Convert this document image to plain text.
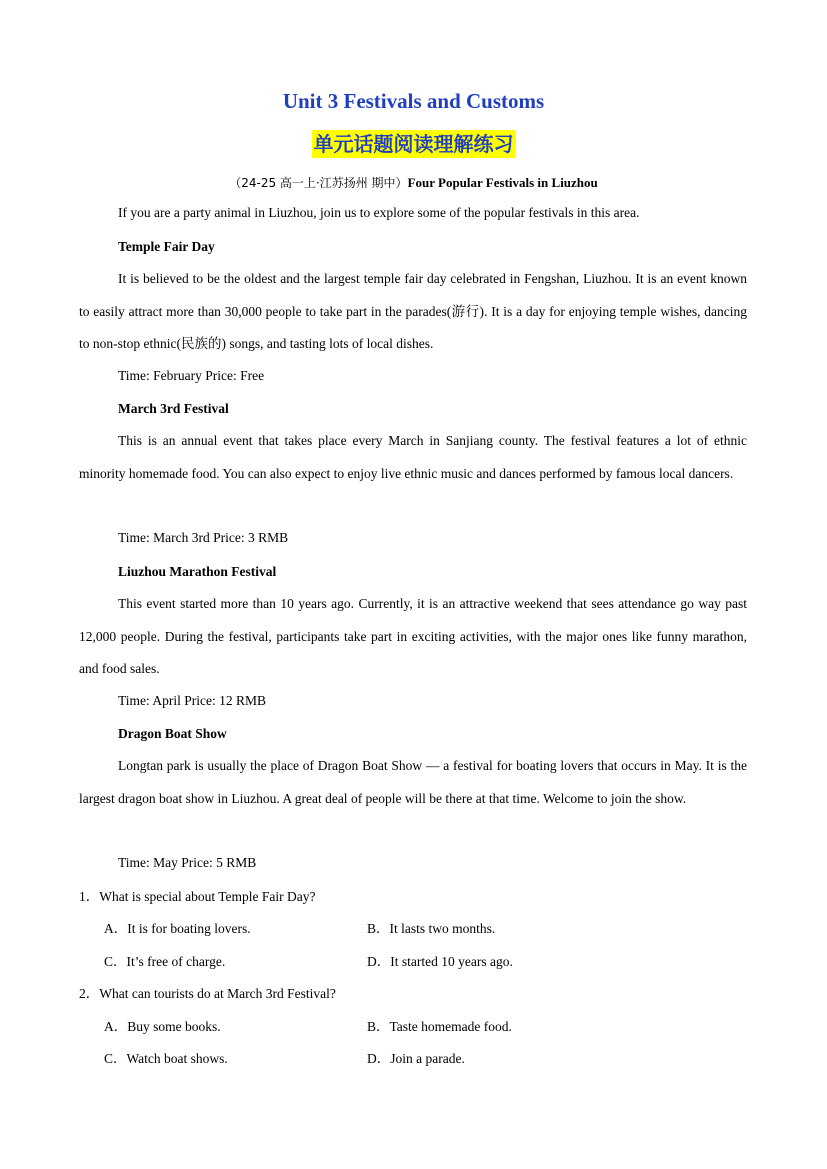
Unit 3 Festivals and Customs
单元话题阅读理解练习
（24-25 高一上·江苏扬州 期中）Four Popular Festivals in Liuzhou
If you are a party animal in Liuzhou, join us to explore some of the popular festivals in this area.
Temple Fair Day
It is believed to be the oldest and the largest temple fair day celebrated in Fengshan, Liuzhou. It is an event known to easily attract more than 30,000 people to take part in the parades(游行). It is a day for enjoying temple wishes, dancing to non-stop ethnic(民族的) songs, and tasting lots of local dishes.
Time: February Price: Free
March 3rd Festival
This is an annual event that takes place every March in Sanjiang county. The festival features a lot of ethnic minority homemade food. You can also expect to enjoy live ethnic music and dances performed by famous local dancers.
Time: March 3rd Price: 3 RMB
Liuzhou Marathon Festival
This event started more than 10 years ago. Currently, it is an attractive weekend that sees attendance go way past 12,000 people. During the festival, participants take part in exciting activities, with the major ones like funny marathon, and food sales.
Time: April Price: 12 RMB
Dragon Boat Show
Longtan park is usually the place of Dragon Boat Show — a festival for boating lovers that occurs in May. It is the largest dragon boat show in Liuzhou. A great deal of people will be there at that time. Welcome to join the show.
Time: May Price: 5 RMB
1．What is special about Temple Fair Day?
A．It is for boating lovers.	B．It lasts two months.
C．It’s free of charge.	D．It started 10 years ago.
2．What can tourists do at March 3rd Festival?
A．Buy some books.	B．Taste homemade food.
C．Watch boat shows.	D．Join a parade.
